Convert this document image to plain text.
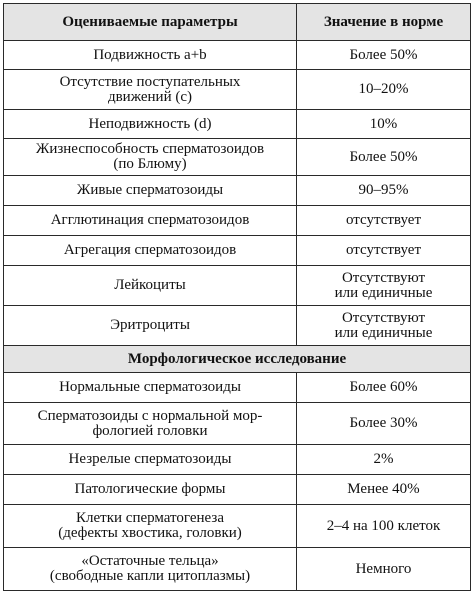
Оцениваемые параметры	Значение в норме
Подвижность a+b	Более 50%
Отсутствие поступательных
движений (c)	10–20%
Неподвижность (d)	10%
Жизнеспособность сперматозоидов
(по Блюму)	Более 50%
Живые сперматозоиды	90–95%
Агглютинация сперматозоидов	отсутствует
Агрегация сперматозоидов	отсутствует
Лейкоциты	Отсутствуют
или единичные
Эритроциты	Отсутствуют
или единичные
Морфологическое исследование	
Нормальные сперматозоиды	Более 60%
Сперматозоиды с нормальной мор-
фологией головки	Более 30%
Незрелые сперматозоиды	2%
Патологические формы	Менее 40%
Клетки сперматогенеза
(дефекты хвостика, головки)	2–4 на 100 клеток
«Остаточные тельца»
(свободные капли цитоплазмы)	Немного
